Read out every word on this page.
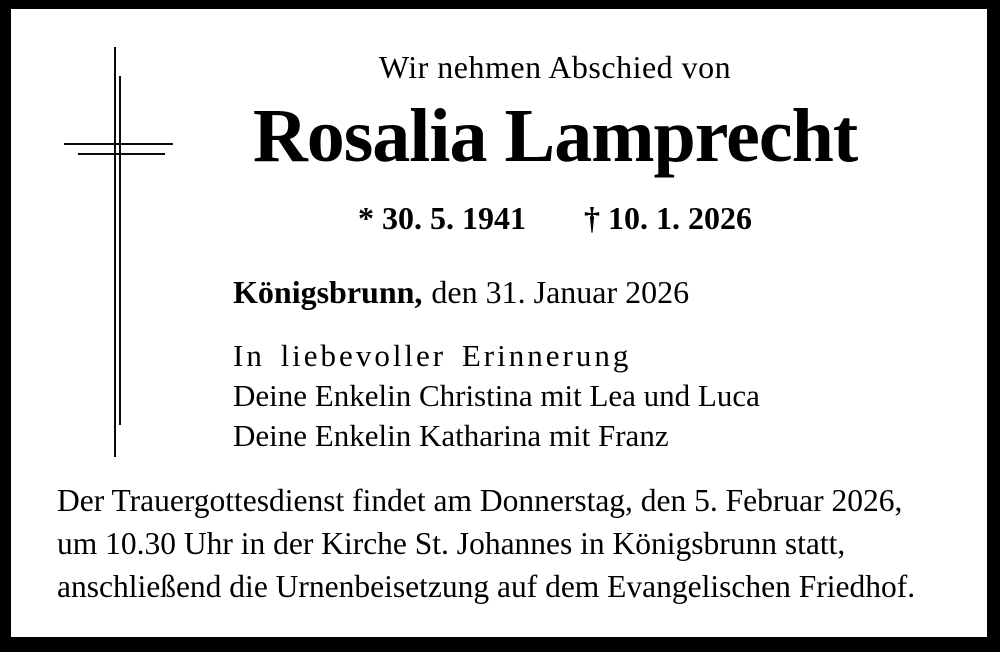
Wir nehmen Abschied von
Rosalia Lamprecht
* 30. 5. 1941 † 10. 1. 2026
Königsbrunn, den 31. Januar 2026
In liebevoller Erinnerung
Deine Enkelin Christina mit Lea und Luca
Deine Enkelin Katharina mit Franz
Der Trauergottesdienst findet am Donnerstag, den 5. Februar 2026,
um 10.30 Uhr in der Kirche St. Johannes in Königsbrunn statt,
anschließend die Urnenbeisetzung auf dem Evangelischen Friedhof.
